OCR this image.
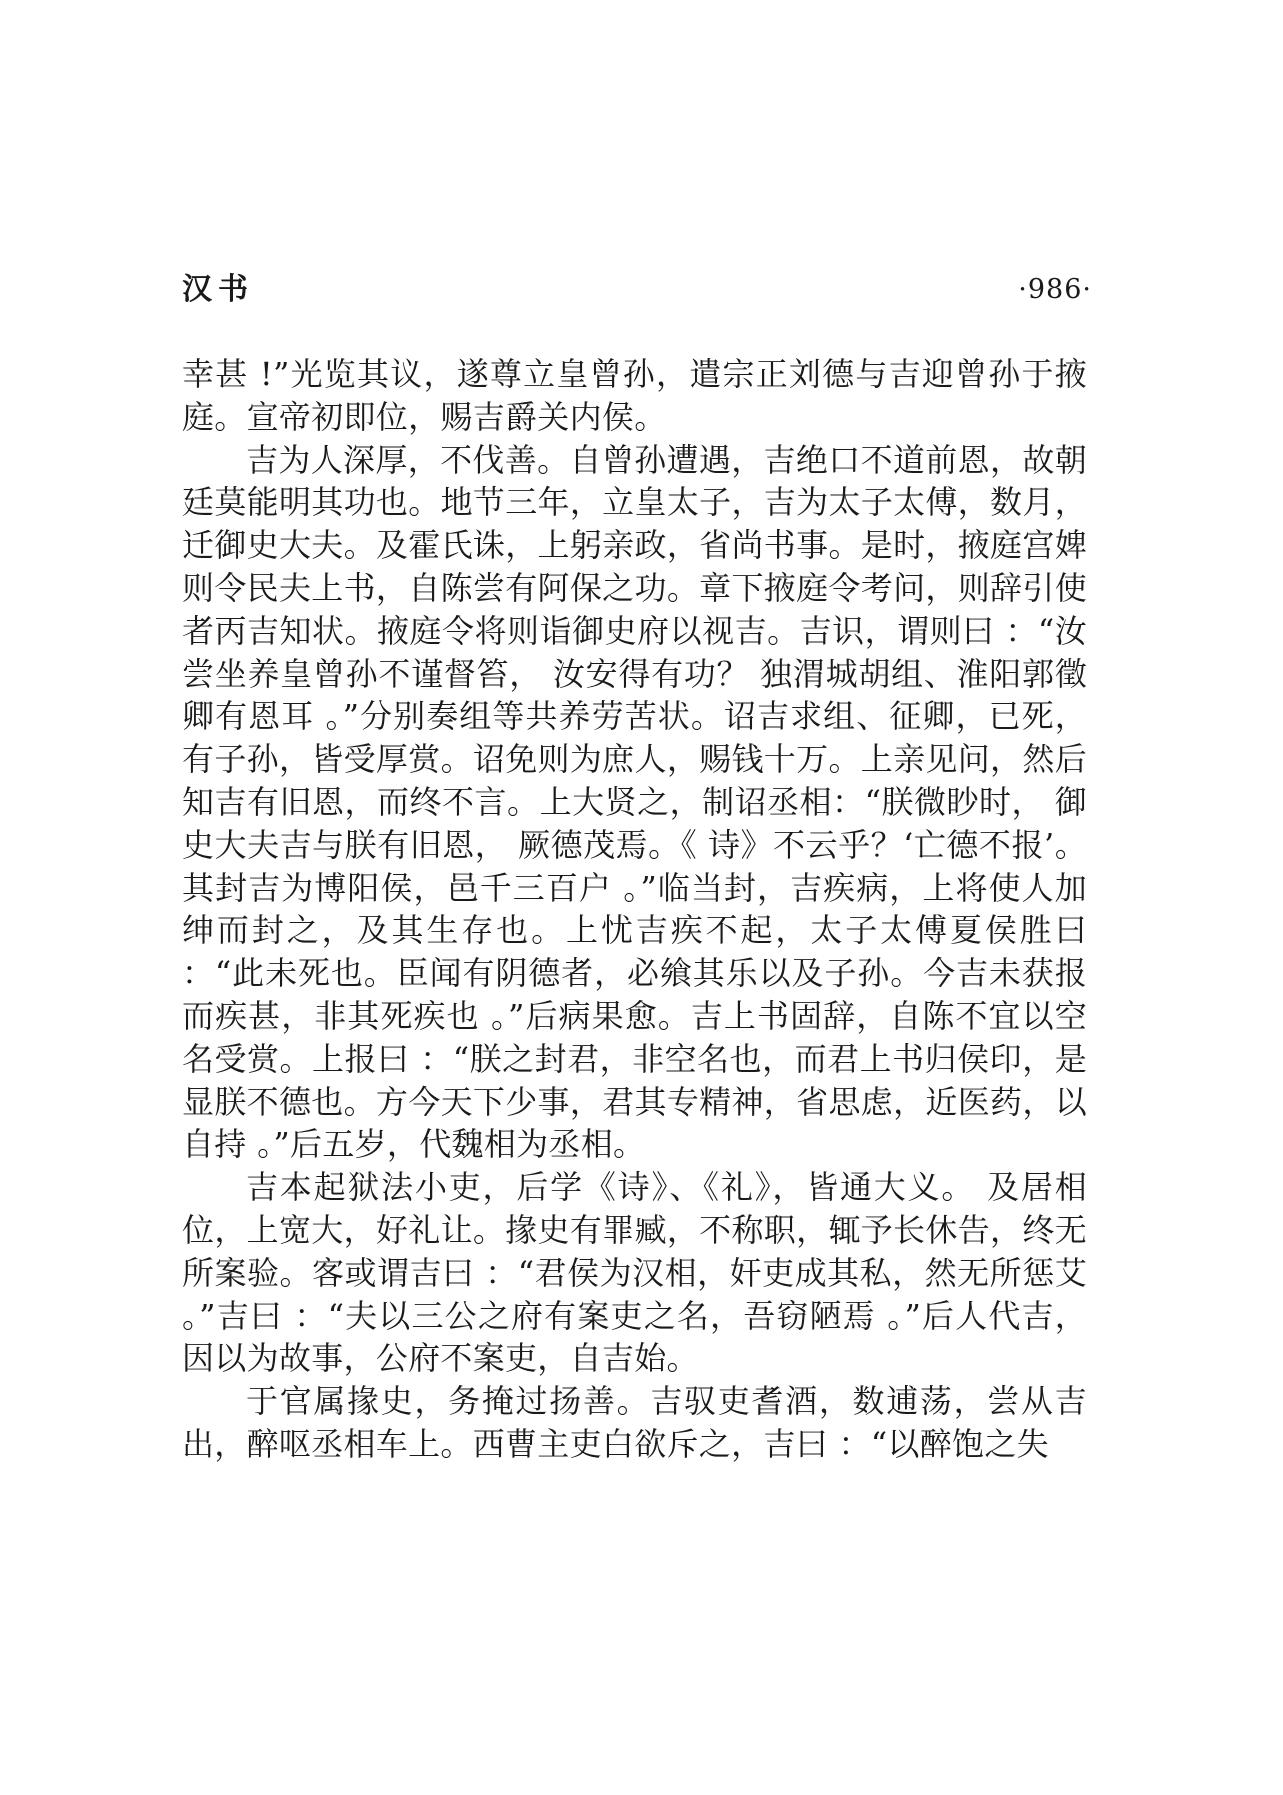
汉书	·986·

幸甚 !”光览其议，遂尊立皇曾孙，遣宗正刘德与吉迎曾孙于掖庭。宣帝初即位，赐吉爵关内侯。

吉为人深厚，不伐善。自曾孙遭遇，吉绝口不道前恩，故朝廷莫能明其功也。地节三年，立皇太子，吉为太子太傅，数月，迁御史大夫。及霍氏诛，上躬亲政，省尚书事。是时，掖庭宫婢则令民夫上书，自陈尝有阿保之功。章下掖庭令考问，则辞引使者丙吉知状。掖庭令将则诣御史府以视吉。吉识，谓则曰 ：“汝尝坐养皇曾孙不谨督笞， 汝安得有功？ 独渭城胡组、淮阳郭徵卿有恩耳 。”分别奏组等共养劳苦状。诏吉求组、征卿，已死，有子孙，皆受厚赏。诏免则为庶人，赐钱十万。上亲见问，然后知吉有旧恩，而终不言。上大贤之，制诏丞相：“朕微眇时， 御史大夫吉与朕有旧恩， 厥德茂焉。《 诗》不云乎？‘亡德不报’。 其封吉为博阳侯，邑千三百户 。”临当封，吉疾病，上将使人加绅而封之，及其生存也。上忧吉疾不起，太子太傅夏侯胜曰 ：“此未死也。臣闻有阴德者，必飨其乐以及子孙。今吉未获报而疾甚，非其死疾也 。”后病果愈。吉上书固辞，自陈不宜以空名受赏。上报曰 ：“朕之封君，非空名也，而君上书归侯印，是显朕不德也。方今天下少事，君其专精神，省思虑，近医药，以自持 。”后五岁，代魏相为丞相。

吉本起狱法小吏，后学《诗》、《礼》，皆通大义。 及居相位，上宽大，好礼让。掾史有罪臧，不称职，辄予长休告，终无所案验。客或谓吉曰 ：“君侯为汉相，奸吏成其私，然无所惩艾 。”吉曰 ：“夫以三公之府有案吏之名，吾窃陋焉 。”后人代吉，因以为故事，公府不案吏，自吉始。

于官属掾史，务掩过扬善。吉驭吏耆酒，数逋荡，尝从吉出，醉呕丞相车上。西曹主吏白欲斥之，吉曰 ：“以醉饱之失
